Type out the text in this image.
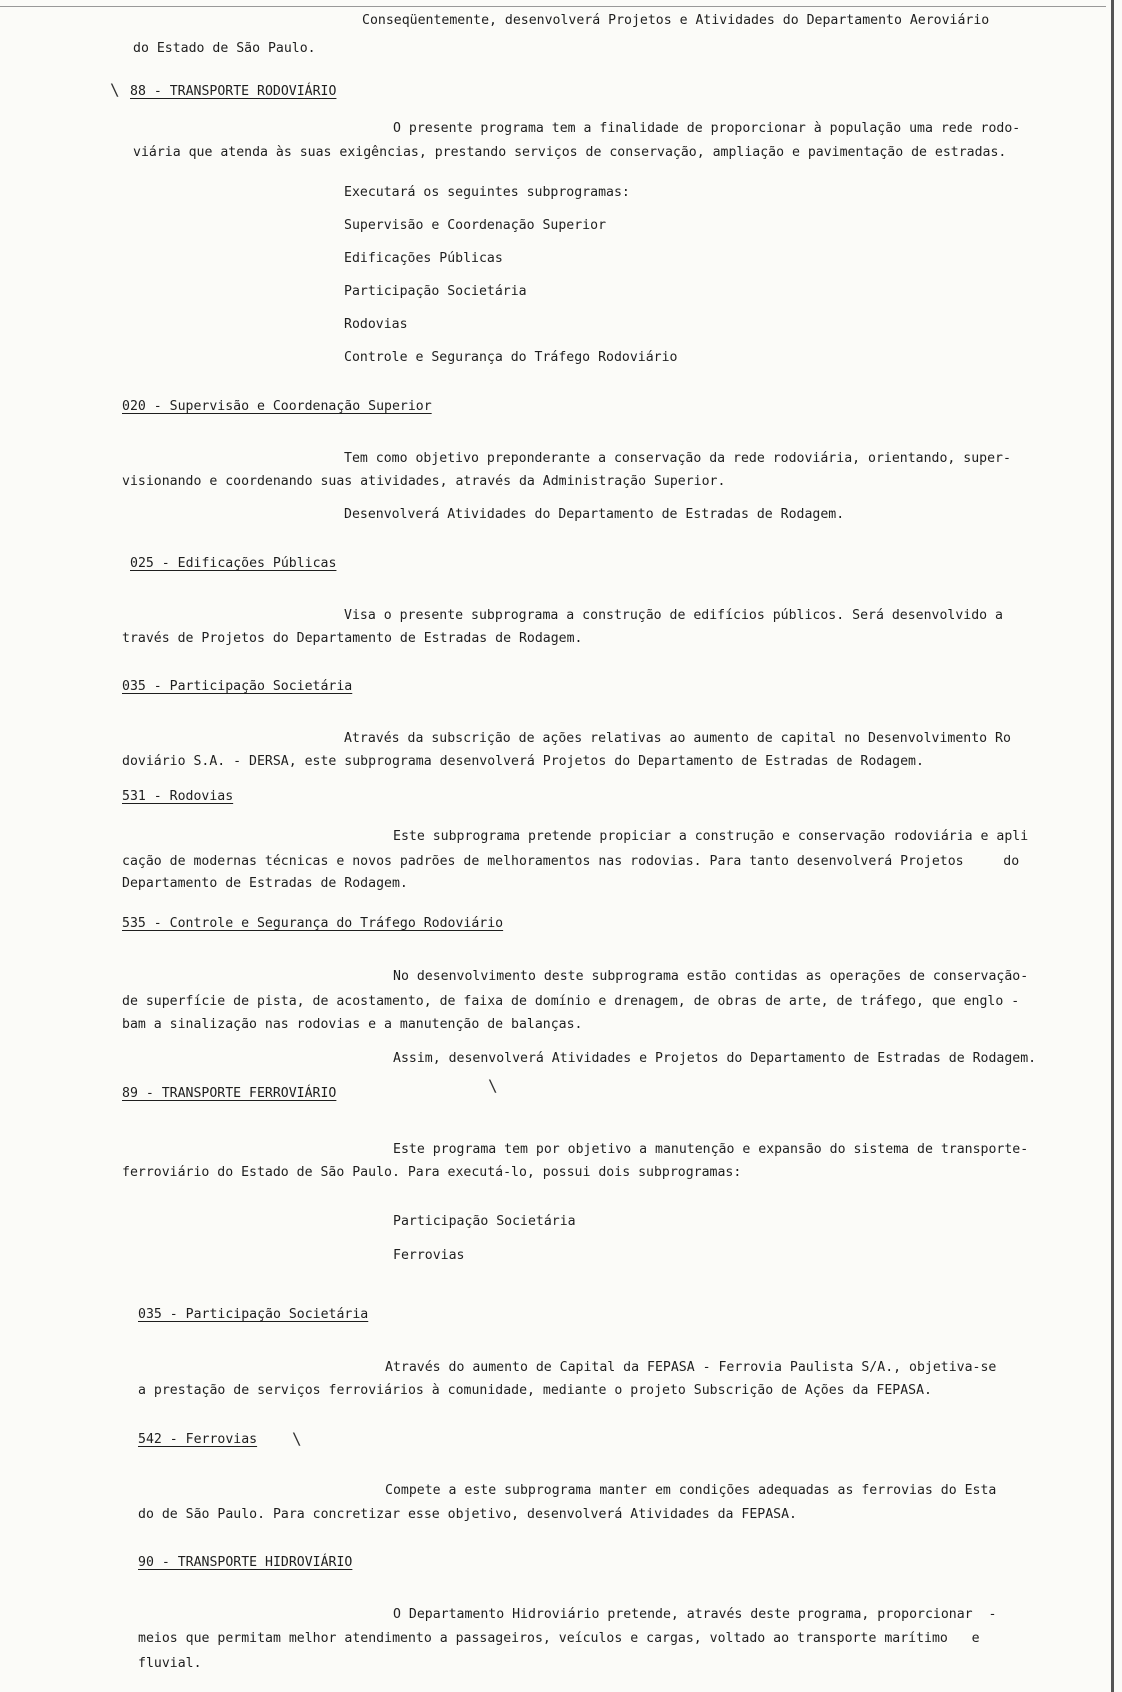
\
\
\
Conseqüentemente, desenvolverá Projetos e Atividades do Departamento Aeroviário
do Estado de São Paulo.
88 - TRANSPORTE RODOVIÁRIO
O presente programa tem a finalidade de proporcionar à população uma rede rodo-
viária que atenda às suas exigências, prestando serviços de conservação, ampliação e pavimentação de estradas.
Executará os seguintes subprogramas:
Supervisão e Coordenação Superior
Edificações Públicas
Participação Societária
Rodovias
Controle e Segurança do Tráfego Rodoviário
020 - Supervisão e Coordenação Superior
Tem como objetivo preponderante a conservação da rede rodoviária, orientando, super-
visionando e coordenando suas atividades, através da Administração Superior.
Desenvolverá Atividades do Departamento de Estradas de Rodagem.
025 - Edificações Públicas
Visa o presente subprograma a construção de edifícios públicos. Será desenvolvido a
través de Projetos do Departamento de Estradas de Rodagem.
035 - Participação Societária
Através da subscrição de ações relativas ao aumento de capital no Desenvolvimento Ro
doviário S.A. - DERSA, este subprograma desenvolverá Projetos do Departamento de Estradas de Rodagem.
531 - Rodovias
Este subprograma pretende propiciar a construção e conservação rodoviária e apli
cação de modernas técnicas e novos padrões de melhoramentos nas rodovias. Para tanto desenvolverá Projetos     do
Departamento de Estradas de Rodagem.
535 - Controle e Segurança do Tráfego Rodoviário
No desenvolvimento deste subprograma estão contidas as operações de conservação-
de superfície de pista, de acostamento, de faixa de domínio e drenagem, de obras de arte, de tráfego, que englo -
bam a sinalização nas rodovias e a manutenção de balanças.
Assim, desenvolverá Atividades e Projetos do Departamento de Estradas de Rodagem.
89 - TRANSPORTE FERROVIÁRIO
Este programa tem por objetivo a manutenção e expansão do sistema de transporte-
ferroviário do Estado de São Paulo. Para executá-lo, possui dois subprogramas:
Participação Societária
Ferrovias
035 - Participação Societária
Através do aumento de Capital da FEPASA - Ferrovia Paulista S/A., objetiva-se
a prestação de serviços ferroviários à comunidade, mediante o projeto Subscrição de Ações da FEPASA.
542 - Ferrovias
Compete a este subprograma manter em condições adequadas as ferrovias do Esta
do de São Paulo. Para concretizar esse objetivo, desenvolverá Atividades da FEPASA.
90 - TRANSPORTE HIDROVIÁRIO
O Departamento Hidroviário pretende, através deste programa, proporcionar  -
meios que permitam melhor atendimento a passageiros, veículos e cargas, voltado ao transporte marítimo   e
fluvial.
